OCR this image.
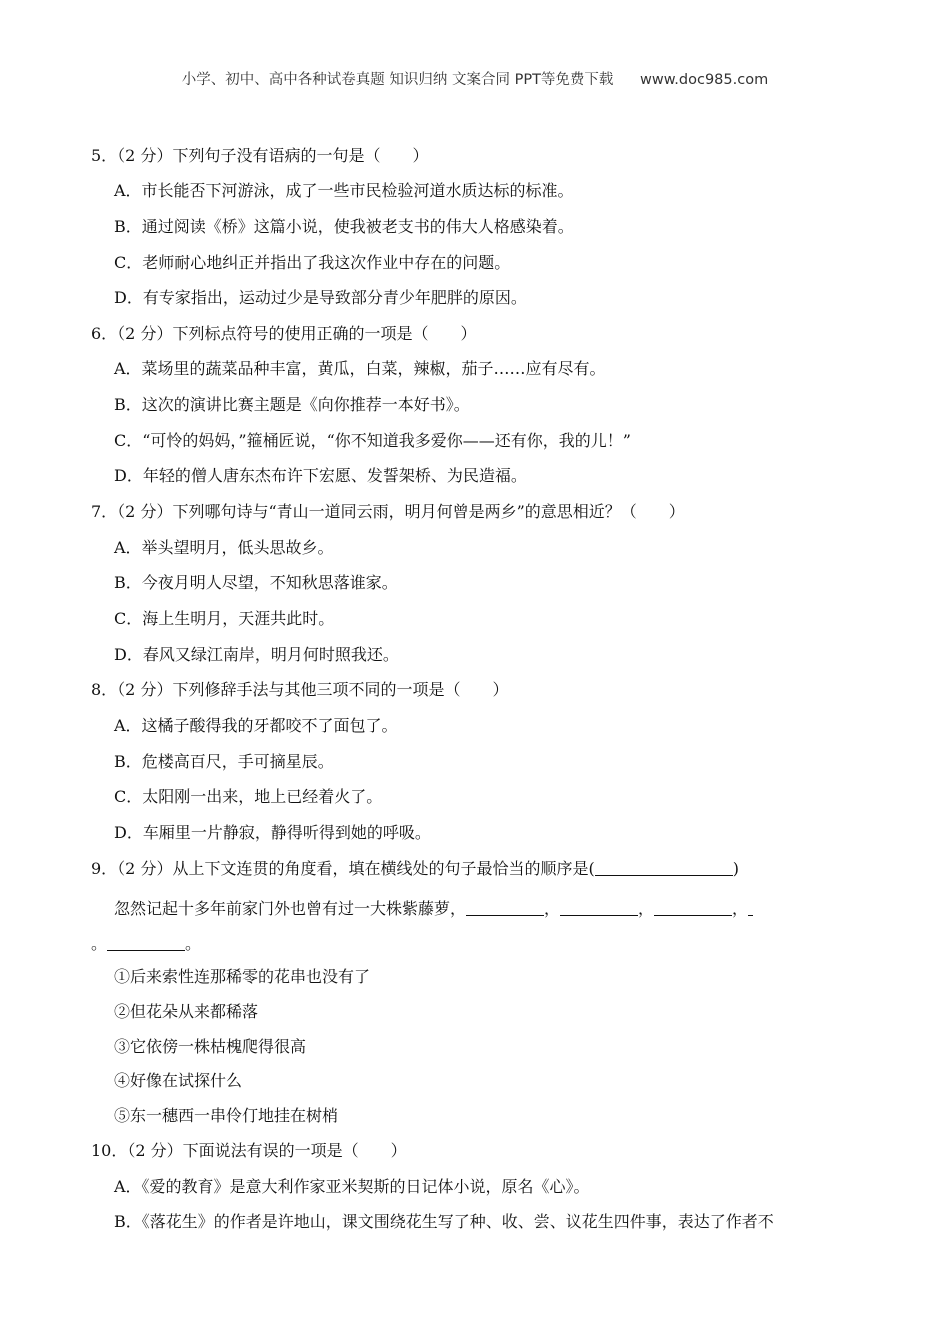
小学、初中、高中各种试卷真题 知识归纳 文案合同 PPT等免费下载 www.doc985.com
5．（2 分）下列句子没有语病的一句是（　　）
A．市长能否下河游泳，成了一些市民检验河道水质达标的标准。
B．通过阅读《桥》这篇小说，使我被老支书的伟大人格感染着。
C．老师耐心地纠正并指出了我这次作业中存在的问题。
D．有专家指出，运动过少是导致部分青少年肥胖的原因。
6．（2 分）下列标点符号的使用正确的一项是（　　）
A．菜场里的蔬菜品种丰富，黄瓜，白菜，辣椒，茄子……应有尽有。
B．这次的演讲比赛主题是《向你推荐一本好书》。
C．“可怜的妈妈，”箍桶匠说，“你不知道我多爱你——还有你，我的儿！”
D．年轻的僧人唐东杰布许下宏愿、发誓架桥、为民造福。
7．（2 分）下列哪句诗与“青山一道同云雨，明月何曾是两乡”的意思相近？（　　）
A．举头望明月，低头思故乡。
B．今夜月明人尽望，不知秋思落谁家。
C．海上生明月，天涯共此时。
D．春风又绿江南岸，明月何时照我还。
8．（2 分）下列修辞手法与其他三项不同的一项是（　　）
A．这橘子酸得我的牙都咬不了面包了。
B．危楼高百尺，手可摘星辰。
C．太阳刚一出来，地上已经着火了。
D．车厢里一片静寂，静得听得到她的呼吸。
9．（2 分）从上下文连贯的角度看，填在横线处的句子最恰当的顺序是(	)
忽然记起十多年前家门外也曾有过一大株紫藤萝，	，	，	，
。	。
①后来索性连那稀零的花串也没有了
②但花朵从来都稀落
③它依傍一株枯槐爬得很高
④好像在试探什么
⑤东一穗西一串伶仃地挂在树梢
10．（2 分）下面说法有误的一项是（　　）
A．《爱的教育》是意大利作家亚米契斯的日记体小说，原名《心》。
B．《落花生》的作者是许地山，课文围绕花生写了种、收、尝、议花生四件事，表达了作者不
